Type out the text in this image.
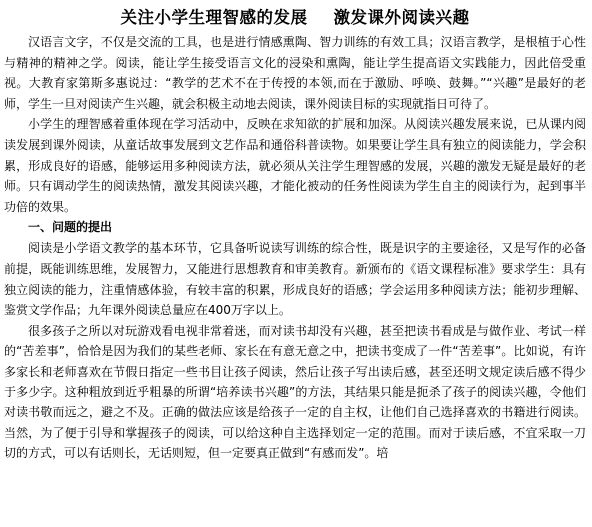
关注小学生理智感的发展 激发课外阅读兴趣

汉语言文字，不仅是交流的工具，也是进行情感熏陶、智力训练的有效工具；汉语言教学，是根植于心性与精神的精神之学。阅读，能让学生接受语言文化的浸染和熏陶，能让学生提高语文实践能力，因此倍受重视。大教育家第斯多惠说过：“教学的艺术不在于传授的本领,而在于激励、呼唤、鼓舞。”“兴趣”是最好的老师，学生一旦对阅读产生兴趣，就会积极主动地去阅读，课外阅读目标的实现就指日可待了。

小学生的理智感着重体现在学习活动中，反映在求知欲的扩展和加深。从阅读兴趣发展来说，已从课内阅读发展到课外阅读，从童话故事发展到文艺作品和通俗科普读物。如果要让学生具有独立的阅读能力，学会积累，形成良好的语感，能够运用多种阅读方法，就必须从关注学生理智感的发展，兴趣的激发无疑是最好的老师。只有调动学生的阅读热情，激发其阅读兴趣，才能化被动的任务性阅读为学生自主的阅读行为，起到事半功倍的效果。

一、问题的提出

阅读是小学语文教学的基本环节，它具备听说读写训练的综合性，既是识字的主要途径，又是写作的必备前提，既能训练思维，发展智力，又能进行思想教育和审美教育。新颁布的《语文课程标准》要求学生：具有独立阅读的能力，注重情感体验，有较丰富的积累，形成良好的语感；学会运用多种阅读方法；能初步理解、鉴赏文学作品；九年课外阅读总量应在400万字以上。

很多孩子之所以对玩游戏看电视非常着迷，而对读书却没有兴趣，甚至把读书看成是与做作业、考试一样的“苦差事”，恰恰是因为我们的某些老师、家长在有意无意之中，把读书变成了一件“苦差事”。比如说，有许多家长和老师喜欢在节假日指定一些书目让孩子阅读，然后让孩子写出读后感，甚至还明文规定读后感不得少于多少字。这种粗放到近乎粗暴的所谓“培养读书兴趣”的方法，其结果只能是扼杀了孩子的阅读兴趣，令他们对读书敬而远之，避之不及。正确的做法应该是给孩子一定的自主权，让他们自己选择喜欢的书籍进行阅读。当然，为了便于引导和掌握孩子的阅读，可以给这种自主选择划定一定的范围。而对于读后感，不宜采取一刀切的方式，可以有话则长，无话则短，但一定要真正做到“有感而发”。培
